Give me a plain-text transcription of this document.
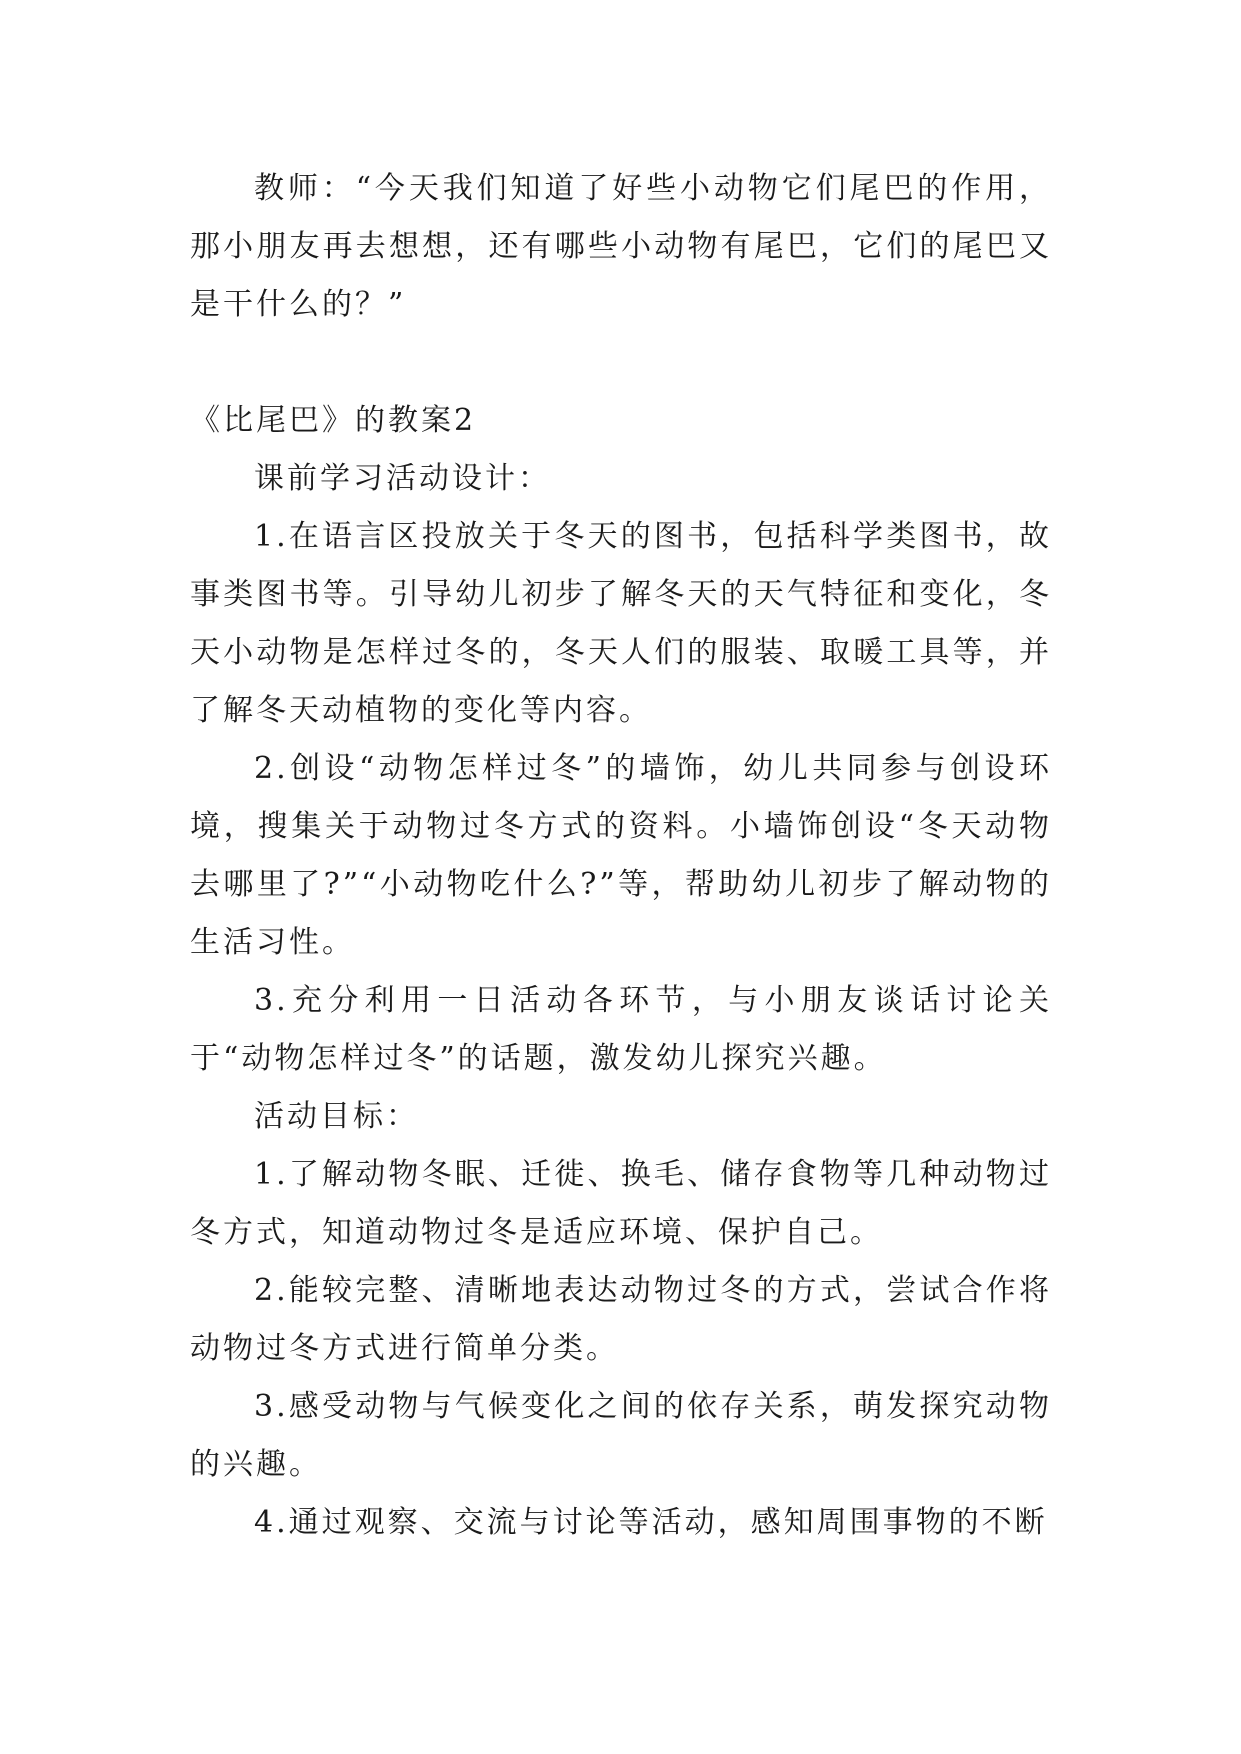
教师：“今天我们知道了好些小动物它们尾巴的作用，那小朋友再去想想，还有哪些小动物有尾巴，它们的尾巴又是干什么的？”

《比尾巴》的教案2

课前学习活动设计：

1.在语言区投放关于冬天的图书，包括科学类图书，故事类图书等。引导幼儿初步了解冬天的天气特征和变化，冬天小动物是怎样过冬的，冬天人们的服装、取暖工具等，并了解冬天动植物的变化等内容。

2.创设“动物怎样过冬”的墙饰，幼儿共同参与创设环境，搜集关于动物过冬方式的资料。小墙饰创设“冬天动物去哪里了?”“小动物吃什么?”等，帮助幼儿初步了解动物的生活习性。

3.充分利用一日活动各环节，与小朋友谈话讨论关于“动物怎样过冬”的话题，激发幼儿探究兴趣。

活动目标：

1.了解动物冬眠、迁徙、换毛、储存食物等几种动物过冬方式，知道动物过冬是适应环境、保护自己。

2.能较完整、清晰地表达动物过冬的方式，尝试合作将动物过冬方式进行简单分类。

3.感受动物与气候变化之间的依存关系，萌发探究动物的兴趣。

4.通过观察、交流与讨论等活动，感知周围事物的不断
